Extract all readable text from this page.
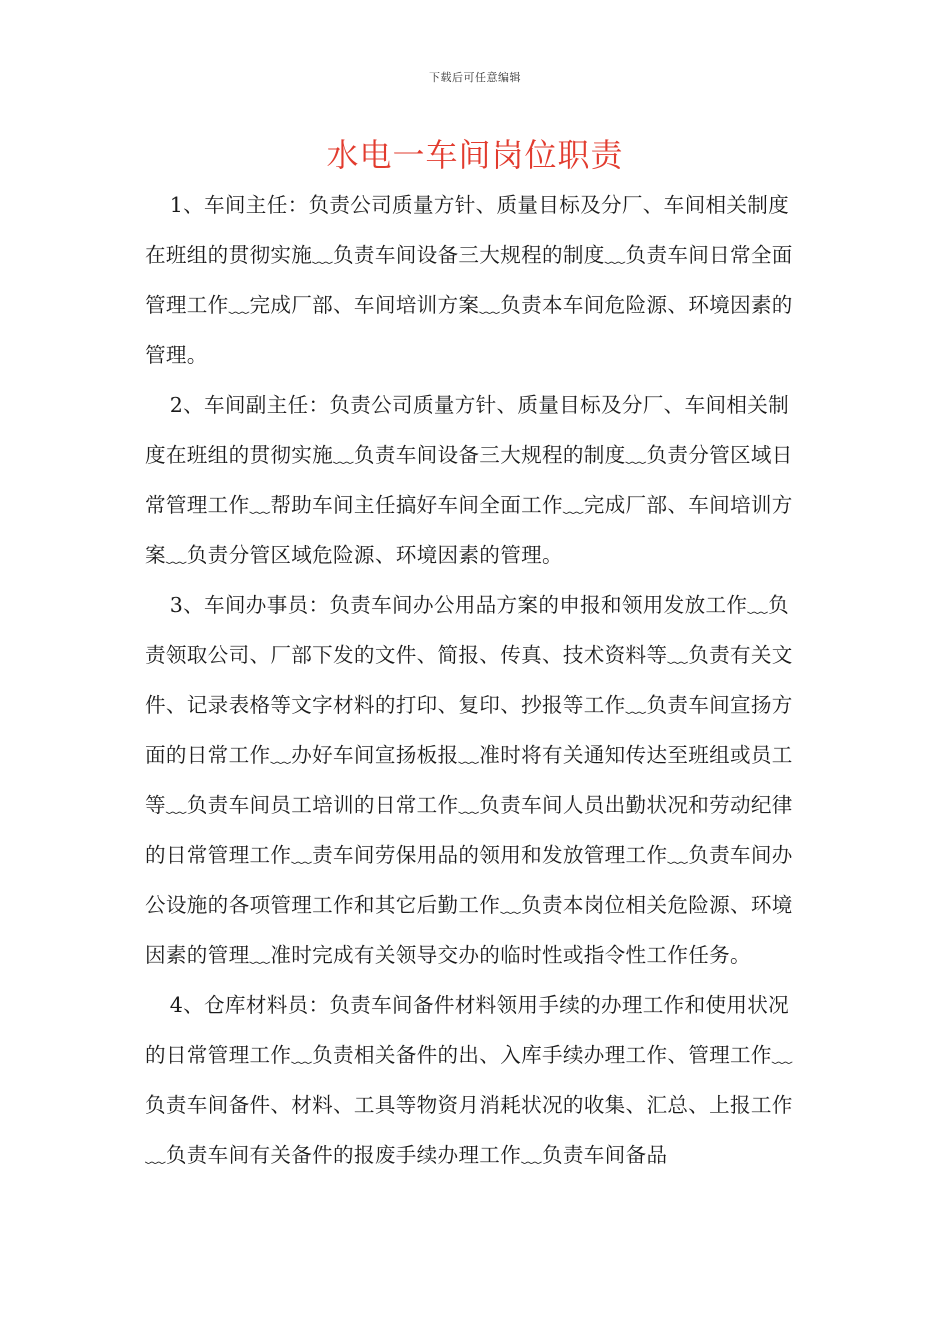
下载后可任意编辑
水电一车间岗位职责

1、车间主任：负责公司质量方针、质量目标及分厂、车间相关制度在班组的贯彻实施﹏负责车间设备三大规程的制度﹏负责车间日常全面管理工作﹏完成厂部、车间培训方案﹏负责本车间危险源、环境因素的管理。

2、车间副主任：负责公司质量方针、质量目标及分厂、车间相关制度在班组的贯彻实施﹏负责车间设备三大规程的制度﹏负责分管区域日常管理工作﹏帮助车间主任搞好车间全面工作﹏完成厂部、车间培训方案﹏负责分管区域危险源、环境因素的管理。

3、车间办事员：负责车间办公用品方案的申报和领用发放工作﹏负责领取公司、厂部下发的文件、简报、传真、技术资料等﹏负责有关文件、记录表格等文字材料的打印、复印、抄报等工作﹏负责车间宣扬方面的日常工作﹏办好车间宣扬板报﹏准时将有关通知传达至班组或员工等﹏负责车间员工培训的日常工作﹏负责车间人员出勤状况和劳动纪律的日常管理工作﹏责车间劳保用品的领用和发放管理工作﹏负责车间办公设施的各项管理工作和其它后勤工作﹏负责本岗位相关危险源、环境因素的管理﹏准时完成有关领导交办的临时性或指令性工作任务。

4、仓库材料员：负责车间备件材料领用手续的办理工作和使用状况的日常管理工作﹏负责相关备件的出、入库手续办理工作、管理工作﹏负责车间备件、材料、工具等物资月消耗状况的收集、汇总、上报工作﹏负责车间有关备件的报废手续办理工作﹏负责车间备品
